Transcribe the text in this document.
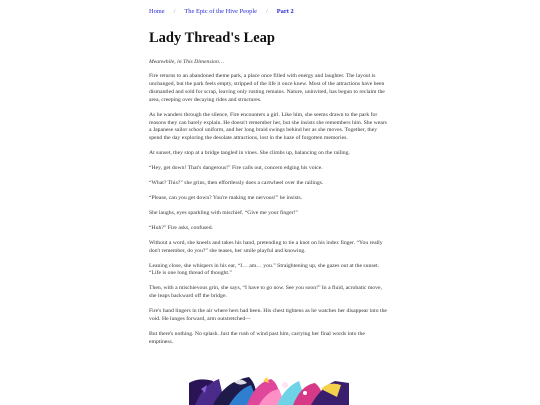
Home / The Epic of the Hive People / Part 2
Lady Thread's Leap

Meanwhile, in This Dimension…

Fire returns to an abandoned theme park, a place once filled with energy and laughter. The layout is unchanged, but the park feels empty, stripped of the life it once knew. Most of the attractions have been dismantled and sold for scrap, leaving only rusting remains. Nature, uninvited, has begun to reclaim the area, creeping over decaying rides and structures.

As he wanders through the silence, Fire encounters a girl. Like him, she seems drawn to the park for reasons they can barely explain. He doesn't remember her, but she insists she remembers him. She wears a Japanese sailor school uniform, and her long braid swings behind her as she moves. Together, they spend the day exploring the desolate attractions, lost in the haze of forgotten memories.

At sunset, they stop at a bridge tangled in vines. She climbs up, balancing on the railing.

“Hey, get down! That's dangerous!” Fire calls out, concern edging his voice.

“What? This?” she grins, then effortlessly does a cartwheel over the railings.

“Please, can you get down? You're making me nervous!” he insists.

She laughs, eyes sparkling with mischief. “Give me your finger!”

“Huh?” Fire asks, confused.

Without a word, she kneels and takes his hand, pretending to tie a knot on his index finger. “You really don't remember, do you?” she teases, her smile playful and knowing.

Leaning close, she whispers in his ear, “I… am… you.” Straightening up, she gazes out at the sunset. “Life is one long thread of thought.”

Then, with a mischievous grin, she says, “I have to go now. See you soon!” In a fluid, acrobatic move, she leaps backward off the bridge.

Fire's hand lingers in the air where hers had been. His chest tightens as he watches her disappear into the void. He lunges forward, arm outstretched—

But there's nothing. No splash. Just the rush of wind past him, carrying her final words into the emptiness.
